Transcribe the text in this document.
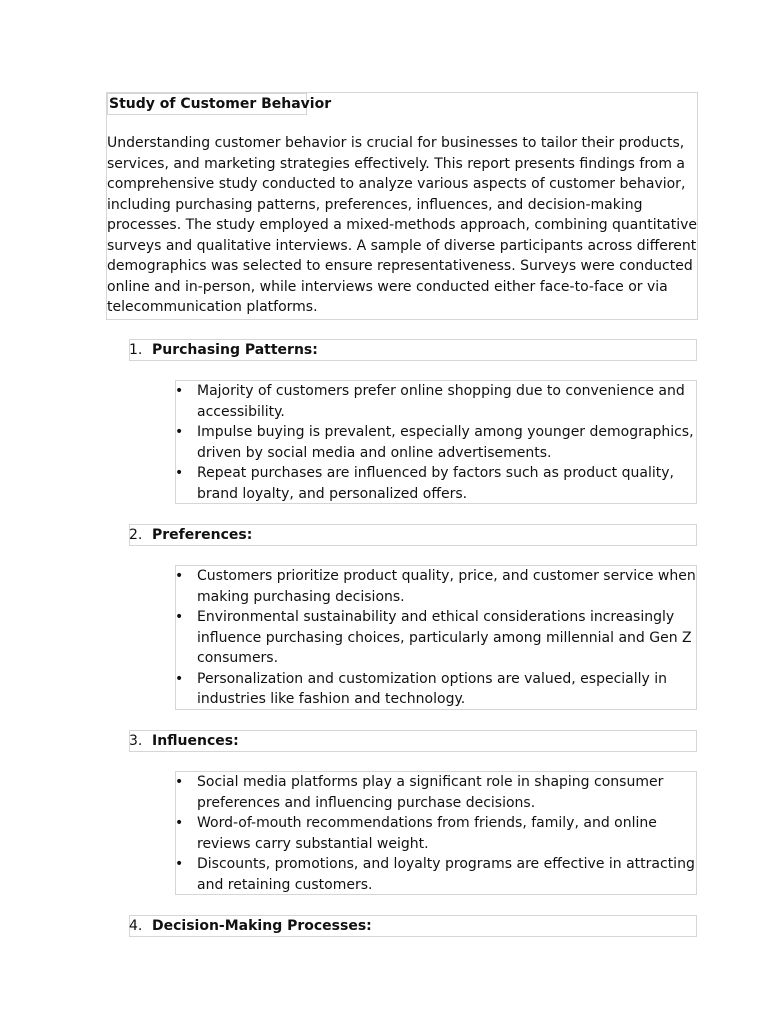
Study of Customer Behavior

Understanding customer behavior is crucial for businesses to tailor their products, services, and marketing strategies effectively. This report presents findings from a comprehensive study conducted to analyze various aspects of customer behavior, including purchasing patterns, preferences, influences, and decision-making processes. The study employed a mixed-methods approach, combining quantitative surveys and qualitative interviews. A sample of diverse participants across different demographics was selected to ensure representativeness. Surveys were conducted online and in-person, while interviews were conducted either face-to-face or via telecommunication platforms.

1. Purchasing Patterns:
• Majority of customers prefer online shopping due to convenience and accessibility.
• Impulse buying is prevalent, especially among younger demographics, driven by social media and online advertisements.
• Repeat purchases are influenced by factors such as product quality, brand loyalty, and personalized offers.
2. Preferences:
• Customers prioritize product quality, price, and customer service when making purchasing decisions.
• Environmental sustainability and ethical considerations increasingly influence purchasing choices, particularly among millennial and Gen Z consumers.
• Personalization and customization options are valued, especially in industries like fashion and technology.
3. Influences:
• Social media platforms play a significant role in shaping consumer preferences and influencing purchase decisions.
• Word-of-mouth recommendations from friends, family, and online reviews carry substantial weight.
• Discounts, promotions, and loyalty programs are effective in attracting and retaining customers.
4. Decision-Making Processes:
